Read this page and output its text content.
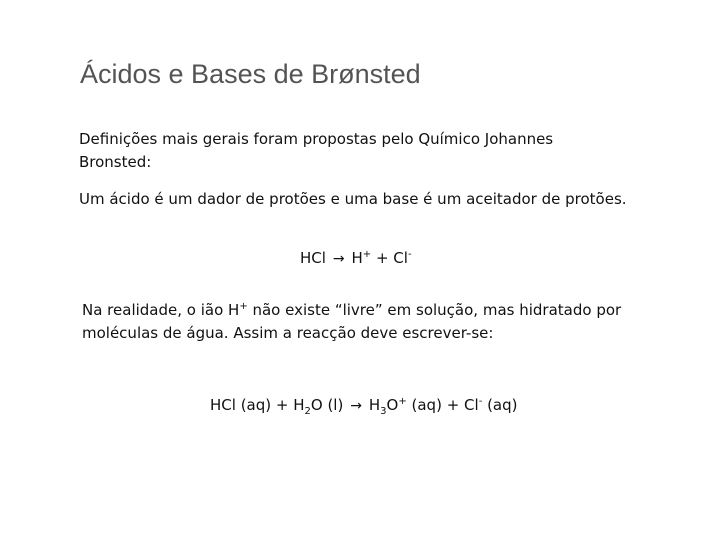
Ácidos e Bases de Brønsted
Definições mais gerais foram propostas pelo Químico Johannes Bronsted:
Um ácido é um dador de protões e uma base é um aceitador de protões.
HCl → H+ + Cl-
Na realidade, o ião H+ não existe “livre” em solução, mas hidratado por moléculas de água. Assim a reacção deve escrever-se:
HCl $(aq) + H_2O$ $(l) \to H_3O^+$ (aq) + Cl- (aq)
